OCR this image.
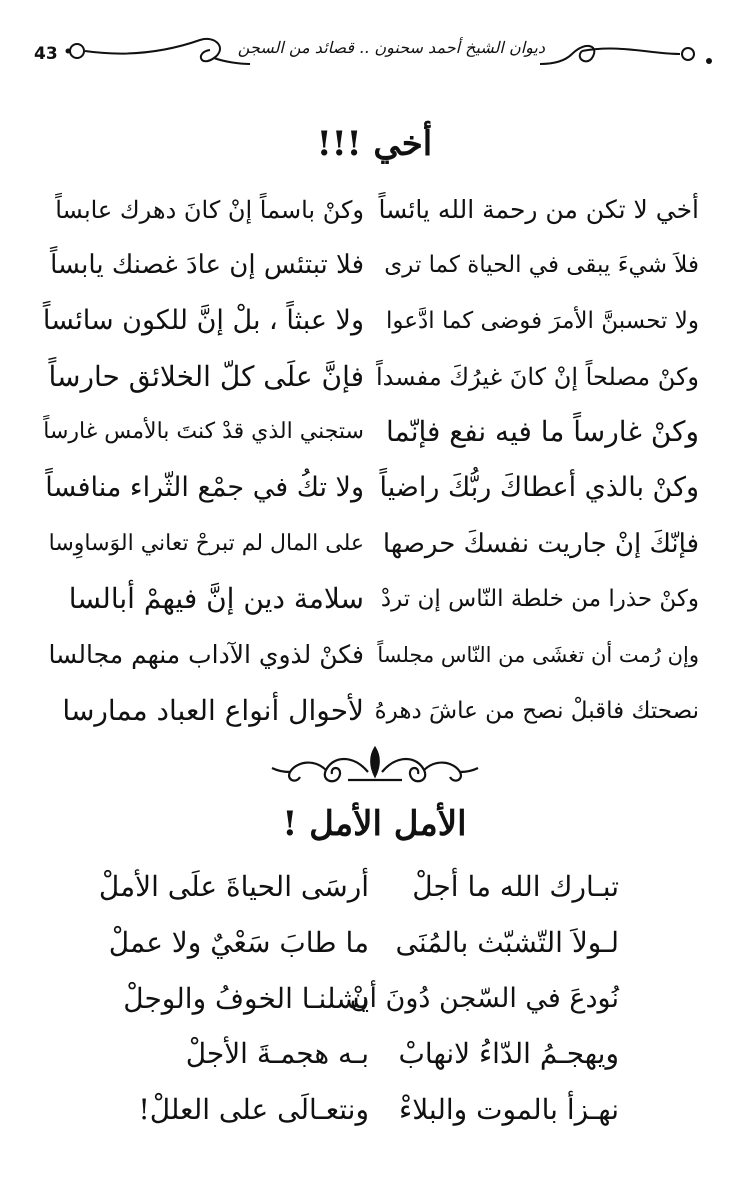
43	ديوان الشيخ أحمد سحنون .. قصائد من السجن
أخي !!!
أخي لا تكن من رحمة الله يائساً
وكنْ باسماً إنْ كانَ دهرك عابساً
فلاَ شيءَ يبقى في الحياة كما ترى
فلا تبتئس إن عادَ غصنك يابساً
ولا تحسبنَّ الأمرَ فوضى كما ادَّعوا
ولا عبثاً ، بلْ إنَّ للكون سائساً
وكنْ مصلحاً إنْ كانَ غيرُكَ مفسداً
فإنَّ علَى كلّ الخلائق حارساً
وكنْ غارساً ما فيه نفع فإنّما
ستجني الذي قدْ كنتَ بالأمس غارساً
وكنْ بالذي أعطاكَ ربُّكَ راضياً
ولا تكُ في جمْع الثّراء منافساً
فإنّكَ إنْ جاريت نفسكَ حرصها
على المال لم تبرحْ تعاني الوَساوِسا
وكنْ حذرا من خلطة النّاس إن تردْ
سلامة دين إنَّ فيهمْ أبالسا
وإن رُمت أن تغشَى من النّاس مجلساً
فكنْ لذوي الآداب منهم مجالسا
نصحتك فاقبلْ نصح من عاشَ دهرهُ
لأحوال أنواع العباد ممارسا
الأمل الأمل !
تبـارك الله ما أجلْ
أرسَى الحياةَ علَى الأملْ
لـولاَ التّشبّث بالمُنَى
ما طابَ سَعْيٌ ولا عملْ
نُودعَ في السّجن دُونَ أنْ
يشلنـا الخوفُ والوجلْ
ويهجـمُ الدّاءُ لانهابْ
بـه هجمـةَ الأجلْ
نهـزأ بالموت والبلاءْ
ونتعـالَى على العللْ!
